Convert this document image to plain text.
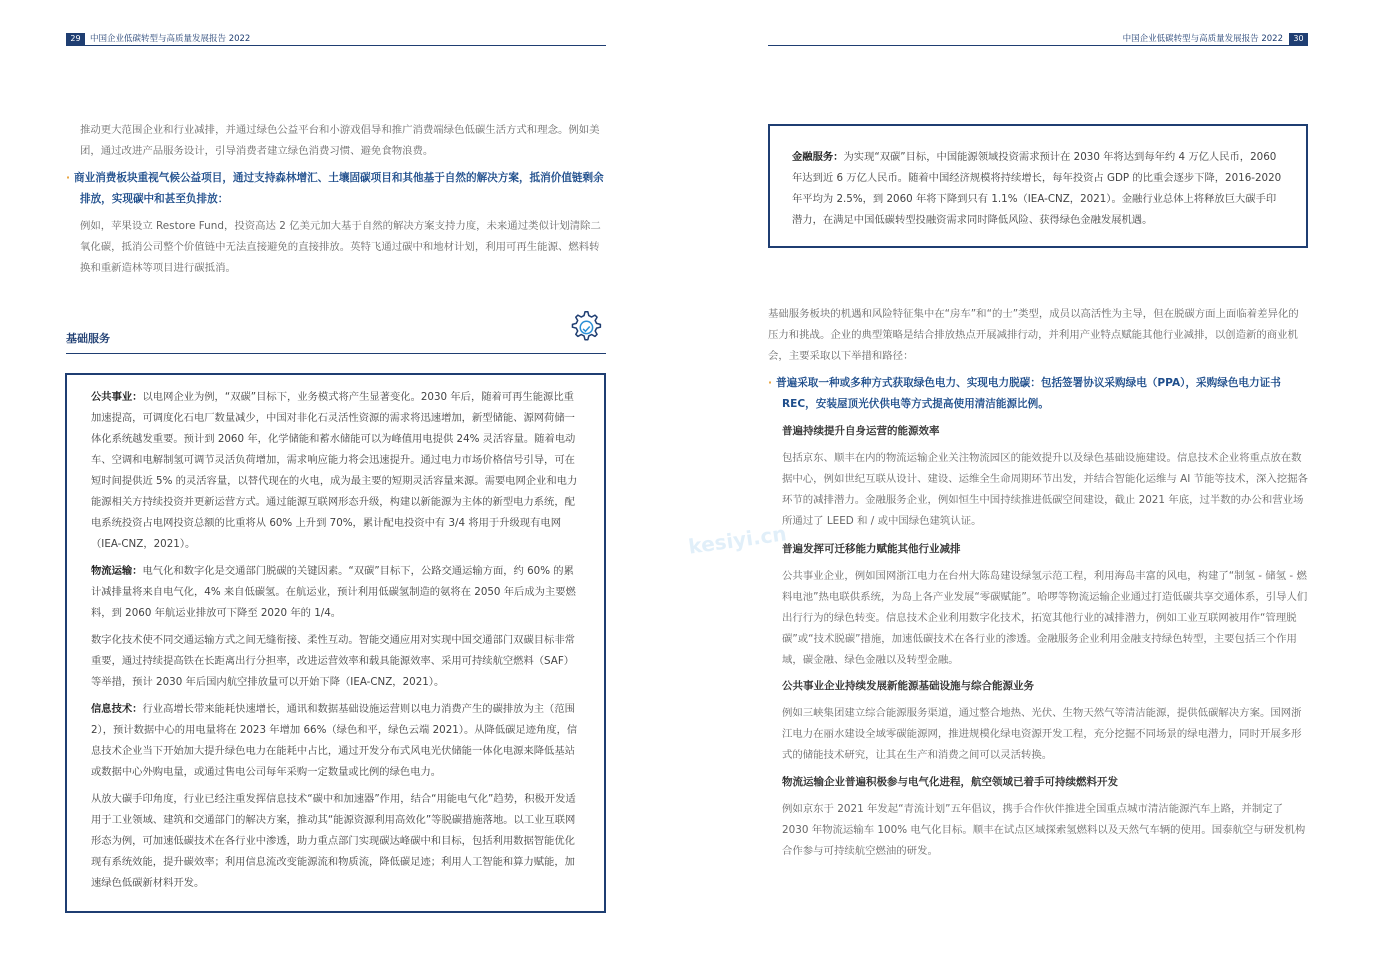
29	中国企业低碳转型与高质量发展报告 2022	中国企业低碳转型与高质量发展报告 2022	30

推动更大范围企业和行业减排，并通过绿色公益平台和小游戏倡导和推广消费端绿色低碳生活方式和理念。例如美团，通过改进产品服务设计，引导消费者建立绿色消费习惯、避免食物浪费。

· 商业消费板块重视气候公益项目，通过支持森林增汇、土壤固碳项目和其他基于自然的解决方案，抵消价值链剩余排放，实现碳中和甚至负排放：

例如，苹果设立 Restore Fund，投资高达 2 亿美元加大基于自然的解决方案支持力度，未来通过类似计划清除二氧化碳，抵消公司整个价值链中无法直接避免的直接排放。英特飞通过碳中和地材计划，利用可再生能源、燃料转换和重新造林等项目进行碳抵消。

基础服务

公共事业：以电网企业为例，“双碳”目标下，业务模式将产生显著变化。2030 年后，随着可再生能源比重加速提高，可调度化石电厂数量减少，中国对非化石灵活性资源的需求将迅速增加，新型储能、源网荷储一体化系统越发重要。预计到 2060 年，化学储能和蓄水储能可以为峰值用电提供 24% 灵活容量。随着电动车、空调和电解制氢可调节灵活负荷增加，需求响应能力将会迅速提升。通过电力市场价格信号引导，可在短时间提供近 5% 的灵活容量，以替代现在的火电，成为最主要的短期灵活容量来源。需要电网企业和电力能源相关方持续投资并更新运营方式。通过能源互联网形态升级，构建以新能源为主体的新型电力系统，配电系统投资占电网投资总额的比重将从 60% 上升到 70%，累计配电投资中有 3/4 将用于升级现有电网（IEA-CNZ，2021）。

物流运输：电气化和数字化是交通部门脱碳的关键因素。“双碳”目标下，公路交通运输方面，约 60% 的累计减排量将来自电气化，4% 来自低碳氢。在航运业，预计利用低碳氢制造的氨将在 2050 年后成为主要燃料，到 2060 年航运业排放可下降至 2020 年的 1/4。

数字化技术使不同交通运输方式之间无缝衔接、柔性互动。智能交通应用对实现中国交通部门双碳目标非常重要，通过持续提高铁在长距离出行分担率，改进运营效率和载具能源效率、采用可持续航空燃料（SAF）等举措，预计 2030 年后国内航空排放量可以开始下降（IEA-CNZ，2021）。

信息技术：行业高增长带来能耗快速增长，通讯和数据基础设施运营则以电力消费产生的碳排放为主（范围 2），预计数据中心的用电量将在 2023 年增加 66%（绿色和平，绿色云端 2021）。从降低碳足迹角度，信息技术企业当下开始加大提升绿色电力在能耗中占比，通过开发分布式风电光伏储能一体化电源来降低基站或数据中心外购电量，或通过售电公司每年采购一定数量或比例的绿色电力。

从放大碳手印角度，行业已经注重发挥信息技术“碳中和加速器”作用，结合“用能电气化”趋势，积极开发适用于工业领域、建筑和交通部门的解决方案，推动其“能源资源利用高效化”等脱碳措施落地。以工业互联网形态为例，可加速低碳技术在各行业中渗透，助力重点部门实现碳达峰碳中和目标，包括利用数据智能优化现有系统效能，提升碳效率；利用信息流改变能源流和物质流，降低碳足迹；利用人工智能和算力赋能，加速绿色低碳新材料开发。

金融服务：为实现“双碳”目标，中国能源领域投资需求预计在 2030 年将达到每年约 4 万亿人民币，2060 年达到近 6 万亿人民币。随着中国经济规模将持续增长，每年投资占 GDP 的比重会逐步下降，2016-2020 年平均为 2.5%，到 2060 年将下降到只有 1.1%（IEA-CNZ，2021）。金融行业总体上将释放巨大碳手印潜力，在满足中国低碳转型投融资需求同时降低风险、获得绿色金融发展机遇。

基础服务板块的机遇和风险特征集中在“房车”和“的士”类型，成员以高活性为主导，但在脱碳方面上面临着差异化的压力和挑战。企业的典型策略是结合排放热点开展减排行动，并利用产业特点赋能其他行业减排，以创造新的商业机会，主要采取以下举措和路径：

· 普遍采取一种或多种方式获取绿色电力、实现电力脱碳：包括签署协议采购绿电（PPA），采购绿色电力证书 REC，安装屋顶光伏供电等方式提高使用清洁能源比例。

普遍持续提升自身运营的能源效率

包括京东、顺丰在内的物流运输企业关注物流园区的能效提升以及绿色基础设施建设。信息技术企业将重点放在数据中心，例如世纪互联从设计、建设、运维全生命周期环节出发，并结合智能化运维与 AI 节能等技术，深入挖掘各环节的减排潜力。金融服务企业，例如恒生中国持续推进低碳空间建设，截止 2021 年底，过半数的办公和营业场所通过了 LEED 和 / 或中国绿色建筑认证。

普遍发挥可迁移能力赋能其他行业减排

公共事业企业，例如国网浙江电力在台州大陈岛建设绿氢示范工程，利用海岛丰富的风电，构建了“制氢 - 储氢 - 燃料电池”热电联供系统，为岛上各产业发展“零碳赋能”。哈啰等物流运输企业通过打造低碳共享交通体系，引导人们出行行为的绿色转变。信息技术企业利用数字化技术，拓宽其他行业的减排潜力，例如工业互联网被用作“管理脱碳”或“技术脱碳”措施，加速低碳技术在各行业的渗透。金融服务企业利用金融支持绿色转型，主要包括三个作用域，碳金融、绿色金融以及转型金融。

公共事业企业持续发展新能源基础设施与综合能源业务

例如三峡集团建立综合能源服务渠道，通过整合地热、光伏、生物天然气等清洁能源，提供低碳解决方案。国网浙江电力在丽水建设全域零碳能源网，推进规模化绿电资源开发工程，充分挖掘不同场景的绿电潜力，同时开展多形式的储能技术研究，让其在生产和消费之间可以灵活转换。

物流运输企业普遍积极参与电气化进程，航空领域已着手可持续燃料开发

例如京东于 2021 年发起“青流计划”五年倡议，携手合作伙伴推进全国重点城市清洁能源汽车上路，并制定了 2030 年物流运输车 100% 电气化目标。顺丰在试点区域探索氢燃料以及天然气车辆的使用。国泰航空与研发机构合作参与可持续航空燃油的研发。

kesiyi.cn
